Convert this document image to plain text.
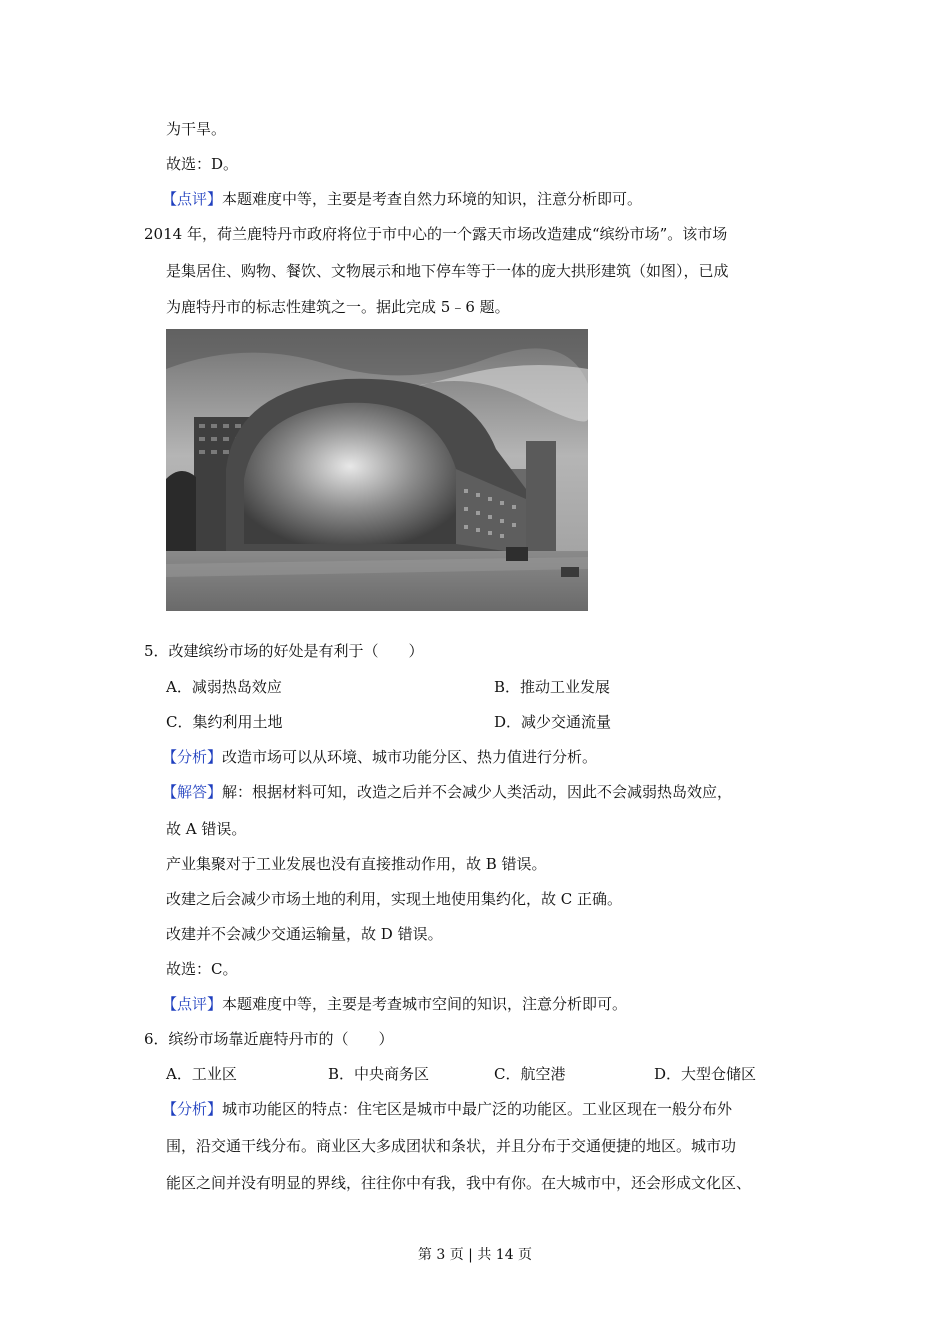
为干旱。
故选：D。
【点评】本题难度中等，主要是考查自然力环境的知识，注意分析即可。
2014 年，荷兰鹿特丹市政府将位于市中心的一个露天市场改造建成“缤纷市场”。该市场
是集居住、购物、餐饮、文物展示和地下停车等于一体的庞大拱形建筑（如图），已成
为鹿特丹市的标志性建筑之一。据此完成 5﹣6 题。
5．改建缤纷市场的好处是有利于（　　）
A．减弱热岛效应	B．推动工业发展
C．集约利用土地	D．减少交通流量
【分析】改造市场可以从环境、城市功能分区、热力值进行分析。
【解答】解：根据材料可知，改造之后并不会减少人类活动，因此不会减弱热岛效应，
故 A 错误。
产业集聚对于工业发展也没有直接推动作用，故 B 错误。
改建之后会减少市场土地的利用，实现土地使用集约化，故 C 正确。
改建并不会减少交通运输量，故 D 错误。
故选：C。
【点评】本题难度中等，主要是考查城市空间的知识，注意分析即可。
6．缤纷市场靠近鹿特丹市的（　　）
A．工业区	B．中央商务区	C．航空港	D．大型仓储区
【分析】城市功能区的特点：住宅区是城市中最广泛的功能区。工业区现在一般分布外
围，沿交通干线分布。商业区大多成团状和条状，并且分布于交通便捷的地区。城市功
能区之间并没有明显的界线，往往你中有我，我中有你。在大城市中，还会形成文化区、
第 3 页 | 共 14 页
